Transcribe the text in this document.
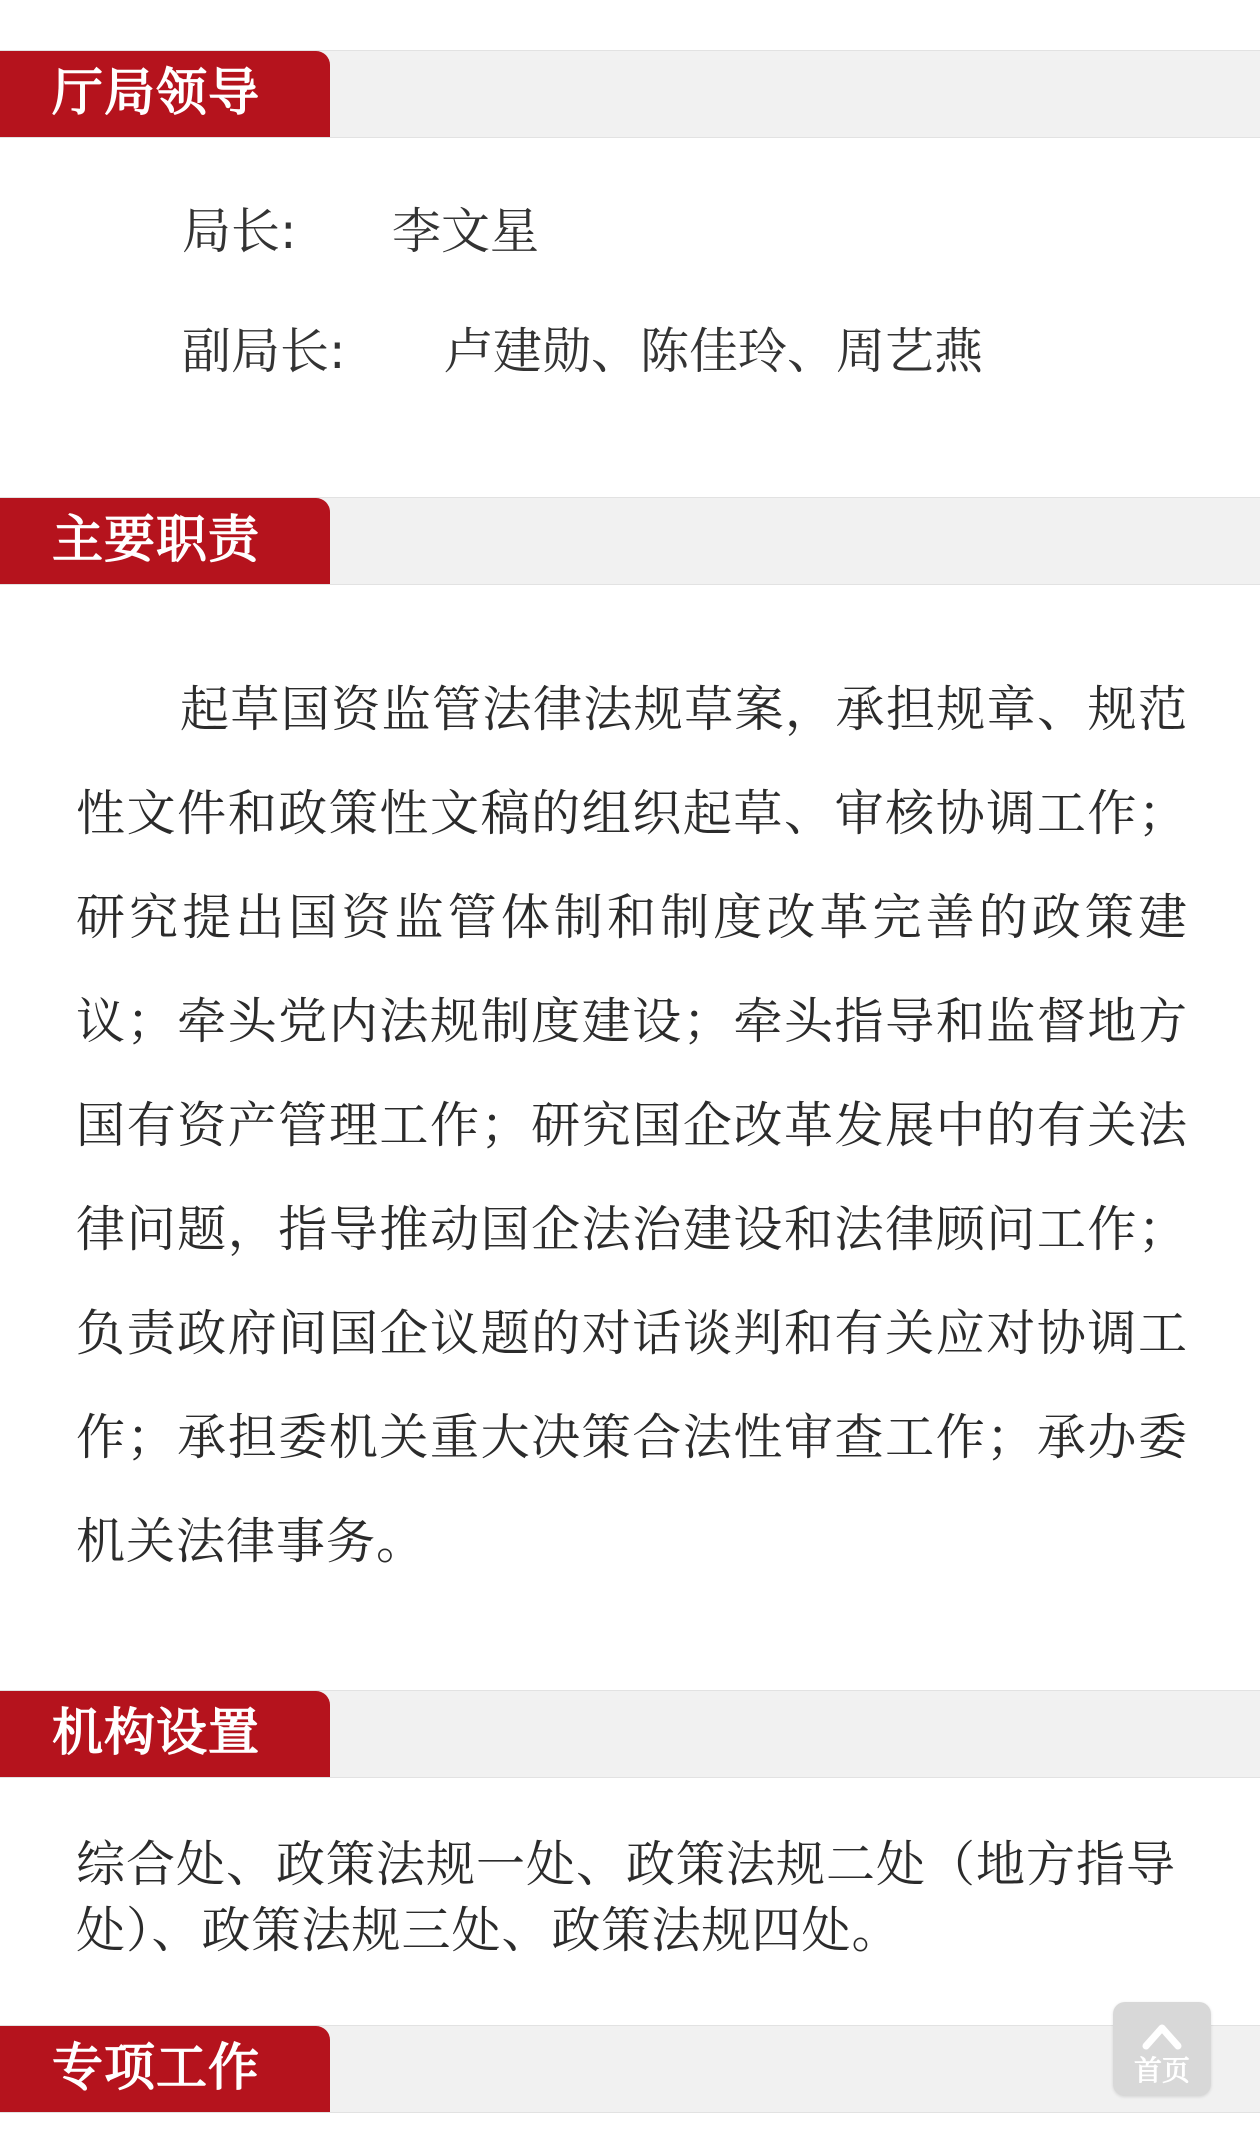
厅局领导
局长: 李文星
副局长: 卢建勋、陈佳玲、周艺燕
主要职责
起草国资监管法律法规草案，承担规章、规范性文件和政策性文稿的组织起草、审核协调工作；研究提出国资监管体制和制度改革完善的政策建议；牵头党内法规制度建设；牵头指导和监督地方国有资产管理工作；研究国企改革发展中的有关法律问题，指导推动国企法治建设和法律顾问工作；负责政府间国企议题的对话谈判和有关应对协调工作；承担委机关重大决策合法性审查工作；承办委机关法律事务。
机构设置
综合处、政策法规一处、政策法规二处（地方指导处）、政策法规三处、政策法规四处。
专项工作	首页
